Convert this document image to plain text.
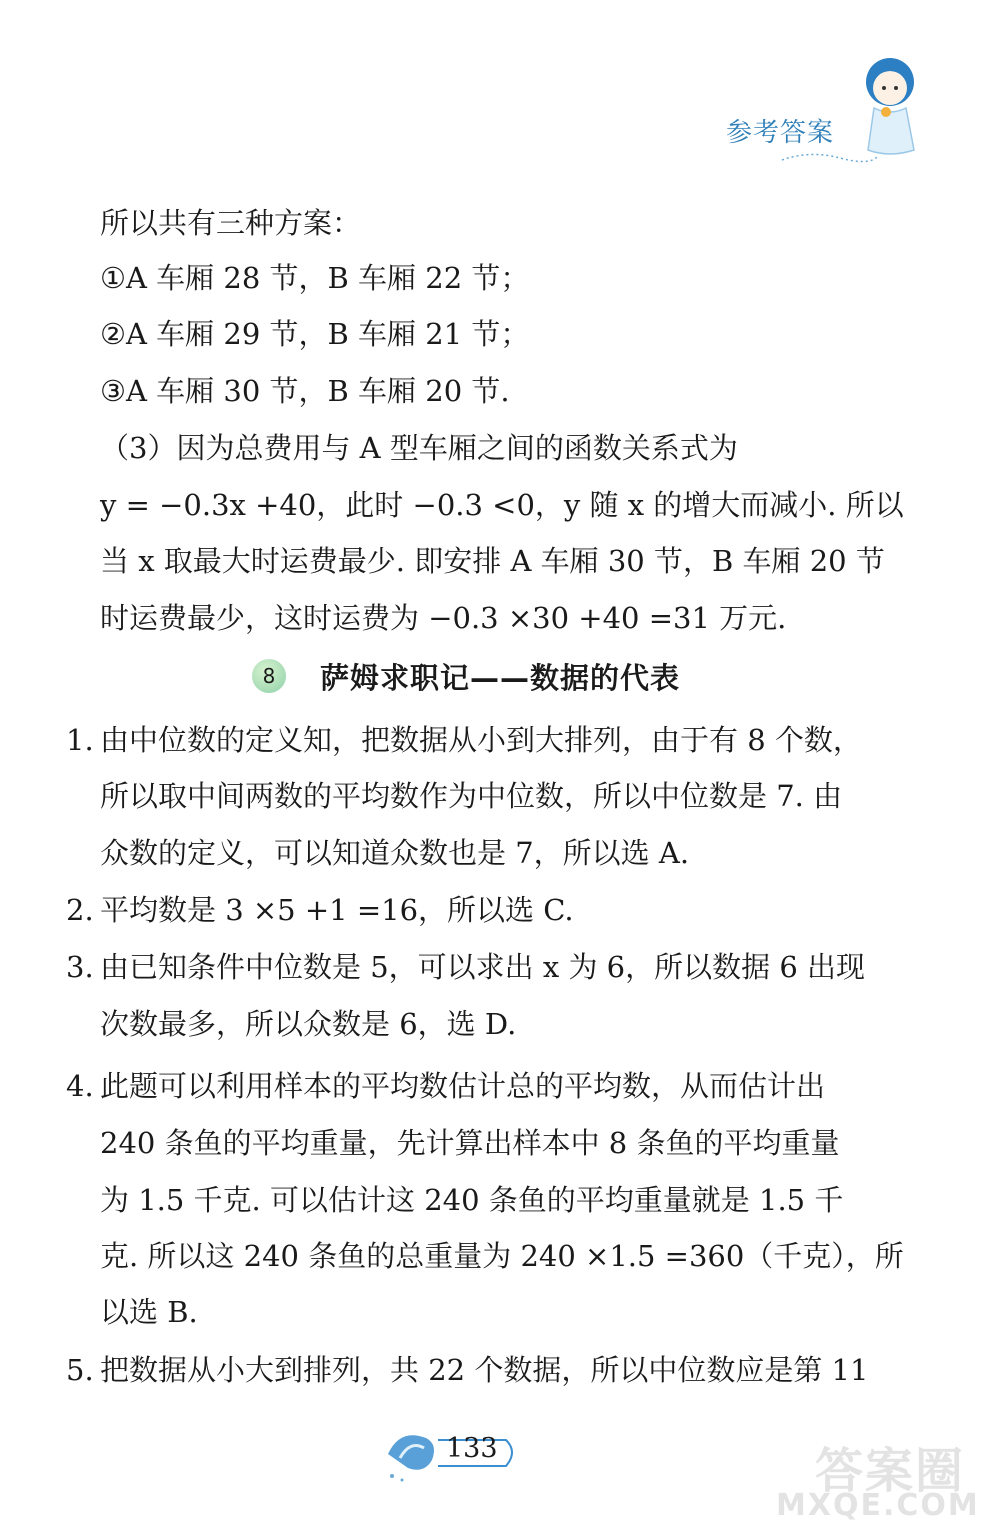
参考答案
所以共有三种方案：
①A 车厢 28 节，B 车厢 22 节；
②A 车厢 29 节，B 车厢 21 节；
③A 车厢 30 节，B 车厢 20 节.
（3）因为总费用与 A 型车厢之间的函数关系式为
y = −0.3x +40，此时 −0.3 <0，y 随 x 的增大而减小. 所以
当 x 取最大时运费最少. 即安排 A 车厢 30 节，B 车厢 20 节
时运费最少，这时运费为 −0.3 ×30 +40 =31 万元.
8	萨姆求职记——数据的代表
1. 由中位数的定义知，把数据从小到大排列，由于有 8 个数，
所以取中间两数的平均数作为中位数，所以中位数是 7. 由
众数的定义，可以知道众数也是 7，所以选 A.
2. 平均数是 3 ×5 +1 =16，所以选 C.
3. 由已知条件中位数是 5，可以求出 x 为 6，所以数据 6 出现
次数最多，所以众数是 6，选 D.
4. 此题可以利用样本的平均数估计总的平均数，从而估计出
240 条鱼的平均重量，先计算出样本中 8 条鱼的平均重量
为 1.5 千克. 可以估计这 240 条鱼的平均重量就是 1.5 千
克. 所以这 240 条鱼的总重量为 240 ×1.5 =360（千克），所
以选 B.
5. 把数据从小大到排列，共 22 个数据，所以中位数应是第 11
133	答案圈
MXQE.COM
